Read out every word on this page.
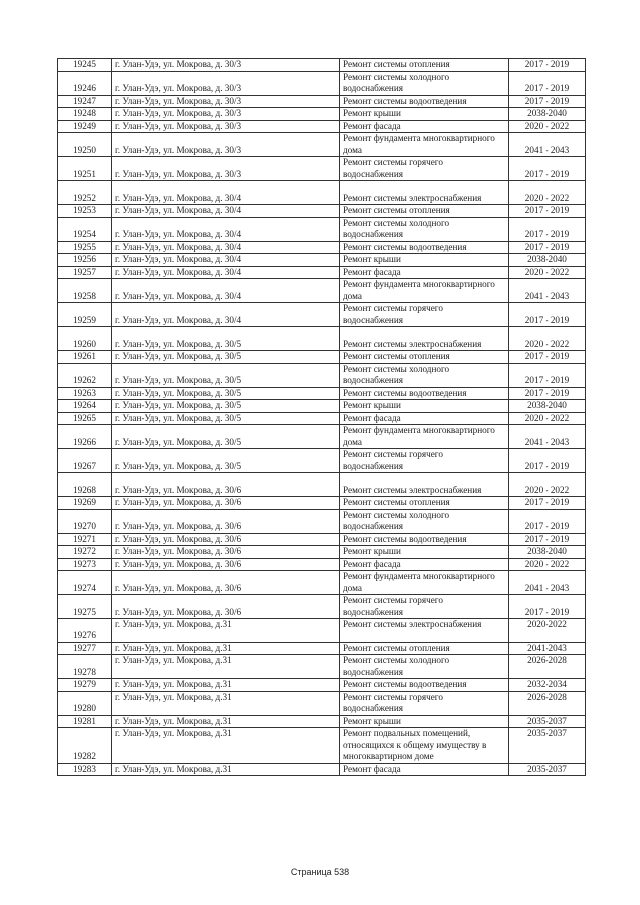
19245	г. Улан-Удэ, ул. Мокрова, д. 30/3	Ремонт системы отопления	2017 - 2019
19246	г. Улан-Удэ, ул. Мокрова, д. 30/3	Ремонт системы холодного водоснабжения	2017 - 2019
19247	г. Улан-Удэ, ул. Мокрова, д. 30/3	Ремонт системы водоотведения	2017 - 2019
19248	г. Улан-Удэ, ул. Мокрова, д. 30/3	Ремонт крыши	2038-2040
19249	г. Улан-Удэ, ул. Мокрова, д. 30/3	Ремонт фасада	2020 - 2022
19250	г. Улан-Удэ, ул. Мокрова, д. 30/3	Ремонт фундамента многоквартирного дома	2041 - 2043
19251	г. Улан-Удэ, ул. Мокрова, д. 30/3	Ремонт системы горячего водоснабжения	2017 - 2019
19252	г. Улан-Удэ, ул. Мокрова, д. 30/4	Ремонт системы электроснабжения	2020 - 2022
19253	г. Улан-Удэ, ул. Мокрова, д. 30/4	Ремонт системы отопления	2017 - 2019
19254	г. Улан-Удэ, ул. Мокрова, д. 30/4	Ремонт системы холодного водоснабжения	2017 - 2019
19255	г. Улан-Удэ, ул. Мокрова, д. 30/4	Ремонт системы водоотведения	2017 - 2019
19256	г. Улан-Удэ, ул. Мокрова, д. 30/4	Ремонт крыши	2038-2040
19257	г. Улан-Удэ, ул. Мокрова, д. 30/4	Ремонт фасада	2020 - 2022
19258	г. Улан-Удэ, ул. Мокрова, д. 30/4	Ремонт фундамента многоквартирного дома	2041 - 2043
19259	г. Улан-Удэ, ул. Мокрова, д. 30/4	Ремонт системы горячего водоснабжения	2017 - 2019
19260	г. Улан-Удэ, ул. Мокрова, д. 30/5	Ремонт системы электроснабжения	2020 - 2022
19261	г. Улан-Удэ, ул. Мокрова, д. 30/5	Ремонт системы отопления	2017 - 2019
19262	г. Улан-Удэ, ул. Мокрова, д. 30/5	Ремонт системы холодного водоснабжения	2017 - 2019
19263	г. Улан-Удэ, ул. Мокрова, д. 30/5	Ремонт системы водоотведения	2017 - 2019
19264	г. Улан-Удэ, ул. Мокрова, д. 30/5	Ремонт крыши	2038-2040
19265	г. Улан-Удэ, ул. Мокрова, д. 30/5	Ремонт фасада	2020 - 2022
19266	г. Улан-Удэ, ул. Мокрова, д. 30/5	Ремонт фундамента многоквартирного дома	2041 - 2043
19267	г. Улан-Удэ, ул. Мокрова, д. 30/5	Ремонт системы горячего водоснабжения	2017 - 2019
19268	г. Улан-Удэ, ул. Мокрова, д. 30/6	Ремонт системы электроснабжения	2020 - 2022
19269	г. Улан-Удэ, ул. Мокрова, д. 30/6	Ремонт системы отопления	2017 - 2019
19270	г. Улан-Удэ, ул. Мокрова, д. 30/6	Ремонт системы холодного водоснабжения	2017 - 2019
19271	г. Улан-Удэ, ул. Мокрова, д. 30/6	Ремонт системы водоотведения	2017 - 2019
19272	г. Улан-Удэ, ул. Мокрова, д. 30/6	Ремонт крыши	2038-2040
19273	г. Улан-Удэ, ул. Мокрова, д. 30/6	Ремонт фасада	2020 - 2022
19274	г. Улан-Удэ, ул. Мокрова, д. 30/6	Ремонт фундамента многоквартирного дома	2041 - 2043
19275	г. Улан-Удэ, ул. Мокрова, д. 30/6	Ремонт системы горячего водоснабжения	2017 - 2019
19276	г. Улан-Удэ, ул. Мокрова, д.31	Ремонт системы электроснабжения	2020-2022
19277	г. Улан-Удэ, ул. Мокрова, д.31	Ремонт системы отопления	2041-2043
19278	г. Улан-Удэ, ул. Мокрова, д.31	Ремонт системы холодного водоснабжения	2026-2028
19279	г. Улан-Удэ, ул. Мокрова, д.31	Ремонт системы водоотведения	2032-2034
19280	г. Улан-Удэ, ул. Мокрова, д.31	Ремонт системы горячего водоснабжения	2026-2028
19281	г. Улан-Удэ, ул. Мокрова, д.31	Ремонт крыши	2035-2037
19282	г. Улан-Удэ, ул. Мокрова, д.31	Ремонт подвальных помещений, относящихся к общему имуществу в многоквартирном доме	2035-2037
19283	г. Улан-Удэ, ул. Мокрова, д.31	Ремонт фасада	2035-2037
Страница 538
